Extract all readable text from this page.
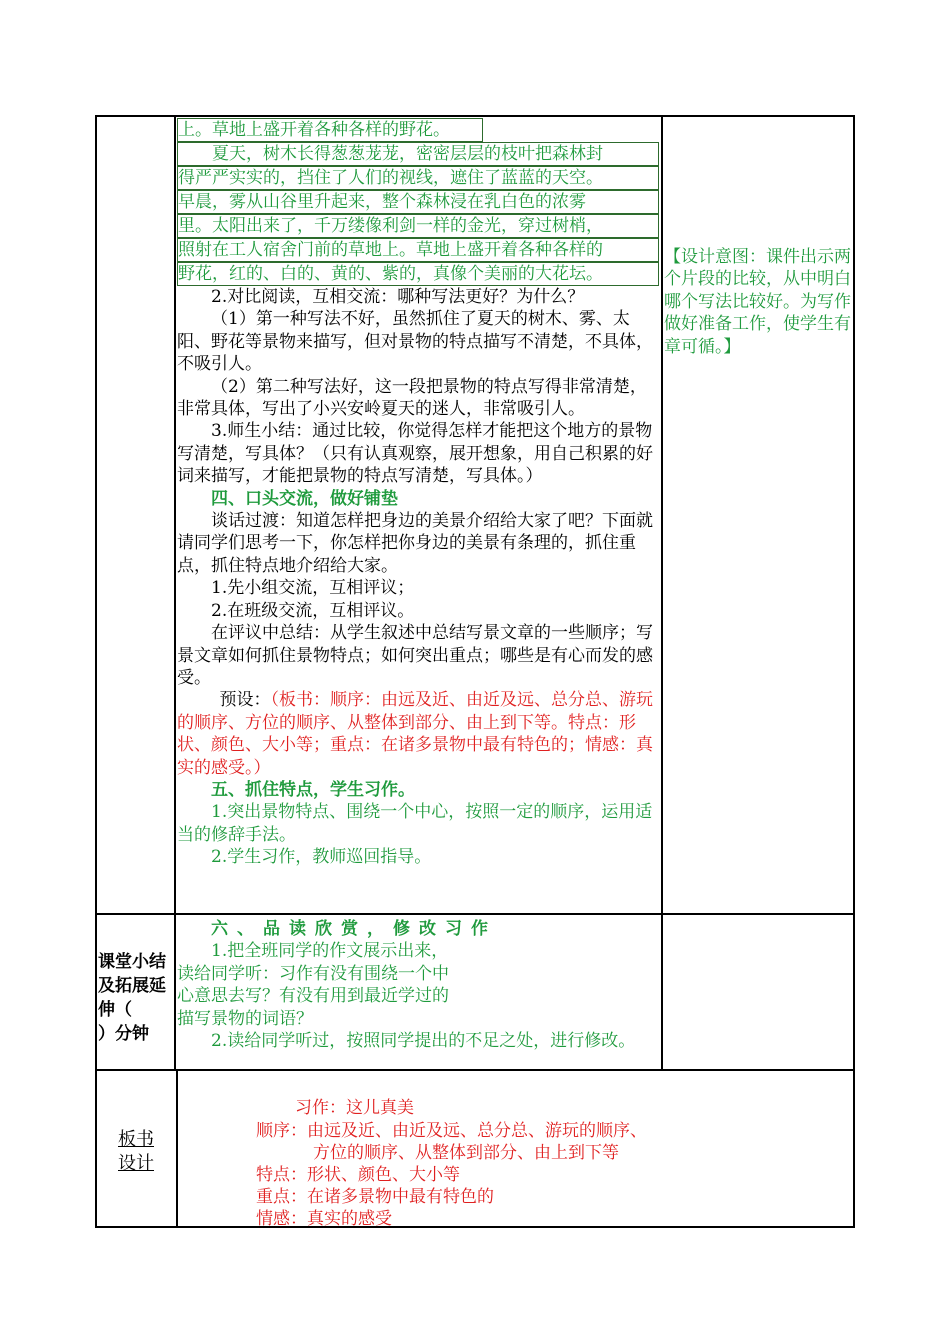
上。草地上盛开着各种各样的野花。
　　夏天，树木长得葱葱茏茏，密密层层的枝叶把森林封
得严严实实的，挡住了人们的视线，遮住了蓝蓝的天空。
早晨，雾从山谷里升起来，整个森林浸在乳白色的浓雾
里。太阳出来了，千万缕像利剑一样的金光，穿过树梢，
照射在工人宿舍门前的草地上。草地上盛开着各种各样的
野花，红的、白的、黄的、紫的，真像个美丽的大花坛。

2.对比阅读，互相交流：哪种写法更好？为什么？

（1）第一种写法不好，虽然抓住了夏天的树木、雾、太阳、野花等景物来描写，但对景物的特点描写不清楚，不具体，不吸引人。

（2）第二种写法好，这一段把景物的特点写得非常清楚，非常具体，写出了小兴安岭夏天的迷人，非常吸引人。

3.师生小结：通过比较，你觉得怎样才能把这个地方的景物写清楚，写具体？（只有认真观察，展开想象，用自己积累的好词来描写，才能把景物的特点写清楚，写具体。）

四、口头交流，做好铺垫

谈话过渡：知道怎样把身边的美景介绍给大家了吧？下面就请同学们思考一下，你怎样把你身边的美景有条理的，抓住重点，抓住特点地介绍给大家。

1.先小组交流，互相评议；

2.在班级交流，互相评议。

在评议中总结：从学生叙述中总结写景文章的一些顺序；写景文章如何抓住景物特点；如何突出重点；哪些是有心而发的感受。

预设：（板书：顺序：由远及近、由近及远、总分总、游玩的顺序、方位的顺序、从整体到部分、由上到下等。特点：形状、颜色、大小等；重点：在诸多景物中最有特色的；情感：真实的感受。）

五、抓住特点，学生习作。

1.突出景物特点、围绕一个中心，按照一定的顺序，运用适当的修辞手法。

2.学生习作，教师巡回指导。

【设计意图：课件出示两个片段的比较，从中明白哪个写法比较好。为写作做好准备工作，使学生有章可循。】
课堂小结
及拓展延
伸（
）分钟

六、品读欣赏，修改习作

1.把全班同学的作文展示出来，

读给同学听：习作有没有围绕一个中

心意思去写？有没有用到最近学过的

描写景物的词语？

2.读给同学听过，按照同学提出的不足之处，进行修改。

板书
设计
习作：这儿真美
顺序：由远及近、由近及远、总分总、游玩的顺序、
方位的顺序、从整体到部分、由上到下等
特点：形状、颜色、大小等
重点：在诸多景物中最有特色的
情感：真实的感受
